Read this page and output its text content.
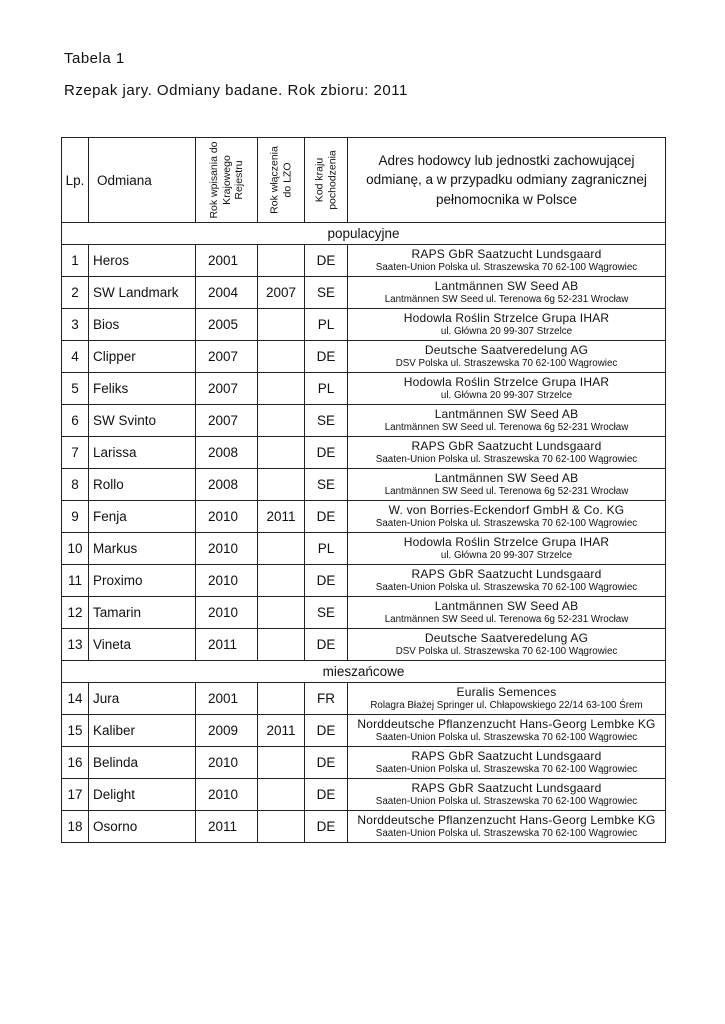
Tabela 1
Rzepak jary. Odmiany badane. Rok zbioru: 2011
Lp.	Odmiana	Rok wpisania do Krajowego Rejestru	Rok włączenia do LZO	Kod kraju pochodzenia	Adres hodowcy lub jednostki zachowującej odmianę, a w przypadku odmiany zagranicznej pełnomocnika w Polsce
populacyjne					
1	Heros	2001		DE	RAPS GbR Saatzucht Lundsgaard
Saaten-Union Polska ul. Straszewska 70 62-100 Wągrowiec

2	SW Landmark	2004	2007	SE	Lantmännen SW Seed AB
Lantmännen SW Seed ul. Terenowa 6g 52-231 Wrocław

3	Bios	2005		PL	Hodowla Roślin Strzelce Grupa IHAR
ul. Główna 20 99-307 Strzelce

4	Clipper	2007		DE	Deutsche Saatveredelung AG
DSV Polska ul. Straszewska 70 62-100 Wągrowiec

5	Feliks	2007		PL	Hodowla Roślin Strzelce Grupa IHAR
ul. Główna 20 99-307 Strzelce

6	SW Svinto	2007		SE	Lantmännen SW Seed AB
Lantmännen SW Seed ul. Terenowa 6g 52-231 Wrocław

7	Larissa	2008		DE	RAPS GbR Saatzucht Lundsgaard
Saaten-Union Polska ul. Straszewska 70 62-100 Wągrowiec

8	Rollo	2008		SE	Lantmännen SW Seed AB
Lantmännen SW Seed ul. Terenowa 6g 52-231 Wrocław

9	Fenja	2010	2011	DE	W. von Borries-Eckendorf GmbH & Co. KG
Saaten-Union Polska ul. Straszewska 70 62-100 Wągrowiec

10	Markus	2010		PL	Hodowla Roślin Strzelce Grupa IHAR
ul. Główna 20 99-307 Strzelce

11	Proximo	2010		DE	RAPS GbR Saatzucht Lundsgaard
Saaten-Union Polska ul. Straszewska 70 62-100 Wągrowiec

12	Tamarin	2010		SE	Lantmännen SW Seed AB
Lantmännen SW Seed ul. Terenowa 6g 52-231 Wrocław

13	Vineta	2011		DE	Deutsche Saatveredelung AG
DSV Polska ul. Straszewska 70 62-100 Wągrowiec

mieszańcowe					
14	Jura	2001		FR	Euralis Semences
Rolagra Błażej Springer ul. Chłapowskiego 22/14 63-100 Śrem

15	Kaliber	2009	2011	DE	Norddeutsche Pflanzenzucht Hans-Georg Lembke KG
Saaten-Union Polska ul. Straszewska 70 62-100 Wągrowiec

16	Belinda	2010		DE	RAPS GbR Saatzucht Lundsgaard
Saaten-Union Polska ul. Straszewska 70 62-100 Wągrowiec

17	Delight	2010		DE	RAPS GbR Saatzucht Lundsgaard
Saaten-Union Polska ul. Straszewska 70 62-100 Wągrowiec

18	Osorno	2011		DE	Norddeutsche Pflanzenzucht Hans-Georg Lembke KG
Saaten-Union Polska ul. Straszewska 70 62-100 Wągrowiec
